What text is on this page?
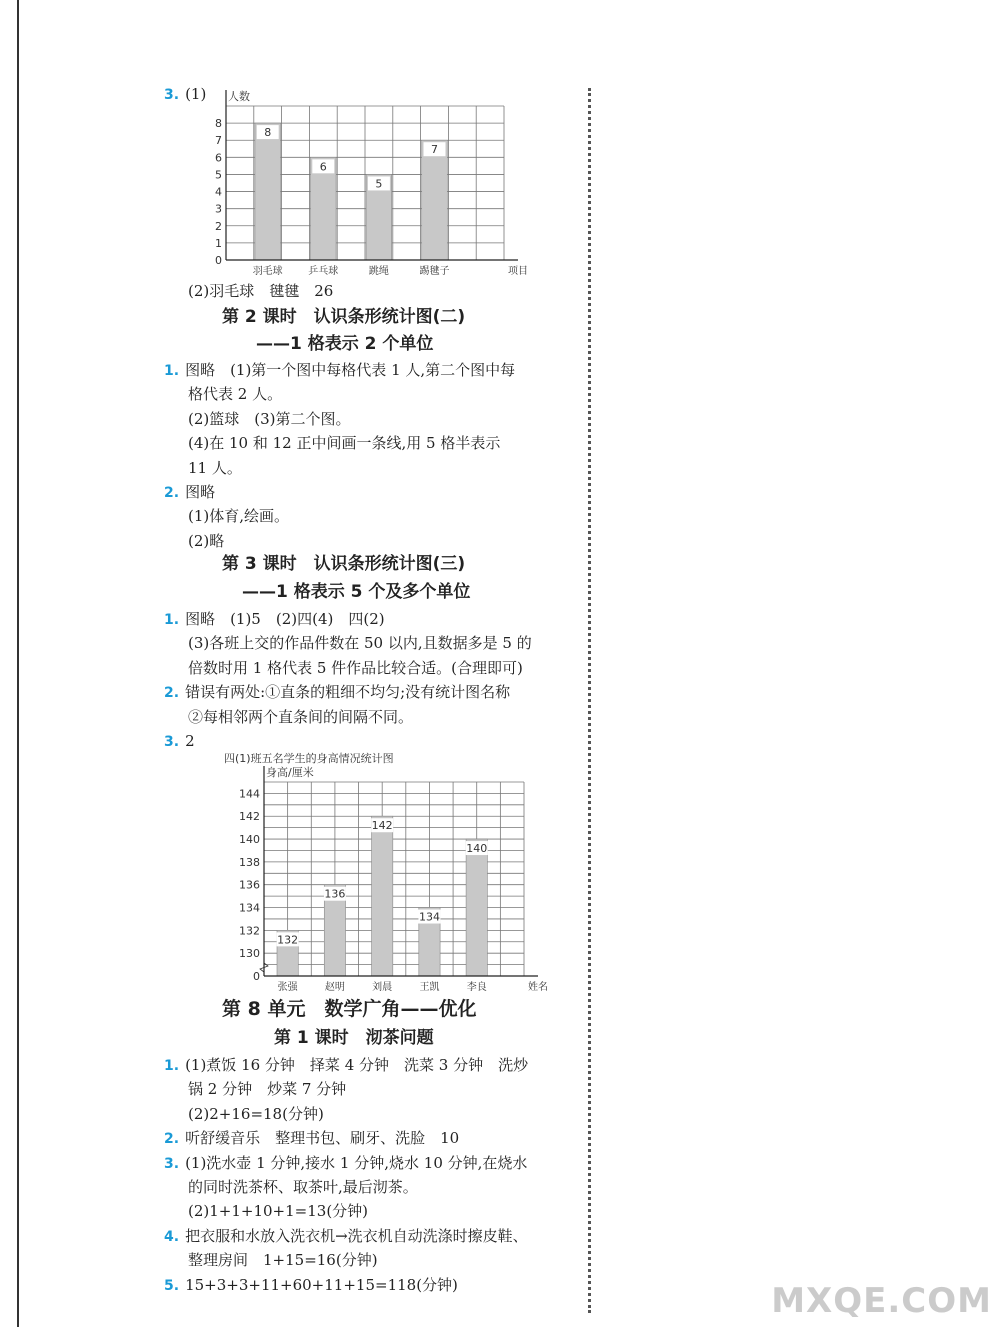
3. (1) 人数
8
羽毛球
6
乒乓球
5
跳绳
7
踢毽子
0
1
2
3
4
5
6
7
8
项目
(2)羽毛球　毽毽　26
第 2 课时　认识条形统计图(二)
——1 格表示 2 个单位
1. 图略　(1)第一个图中每格代表 1 人,第二个图中每
格代表 2 人。
(2)篮球　(3)第二个图。
(4)在 10 和 12 正中间画一条线,用 5 格半表示
11 人。
2. 图略
(1)体育,绘画。
(2)略
第 3 课时　认识条形统计图(三)
——1 格表示 5 个及多个单位
1. 图略　(1)5　(2)四(4)　四(2)
(3)各班上交的作品件数在 50 以内,且数据多是 5 的
倍数时用 1 格代表 5 件作品比较合适。(合理即可)
2. 错误有两处:①直条的粗细不均匀;没有统计图名称
②每相邻两个直条间的间隔不同。
3. 2
四(1)班五名学生的身高情况统计图
身高/厘米
132
张强
136
赵明
142
刘晨
134
王凯
140
李良
130
132
134
136
138
140
142
144
0
姓名
第 8 单元　数学广角——优化
第 1 课时　沏茶问题
1. (1)煮饭 16 分钟　择菜 4 分钟　洗菜 3 分钟　洗炒
锅 2 分钟　炒菜 7 分钟
(2)2+16=18(分钟)
2. 听舒缓音乐　整理书包、刷牙、洗脸　10
3. (1)洗水壶 1 分钟,接水 1 分钟,烧水 10 分钟,在烧水
的同时洗茶杯、取茶叶,最后沏茶。
(2)1+1+10+1=13(分钟)
4. 把衣服和水放入洗衣机→洗衣机自动洗涤时擦皮鞋、
整理房间　1+15=16(分钟)
5. 15+3+3+11+60+11+15=118(分钟)

				MXQE.COM
